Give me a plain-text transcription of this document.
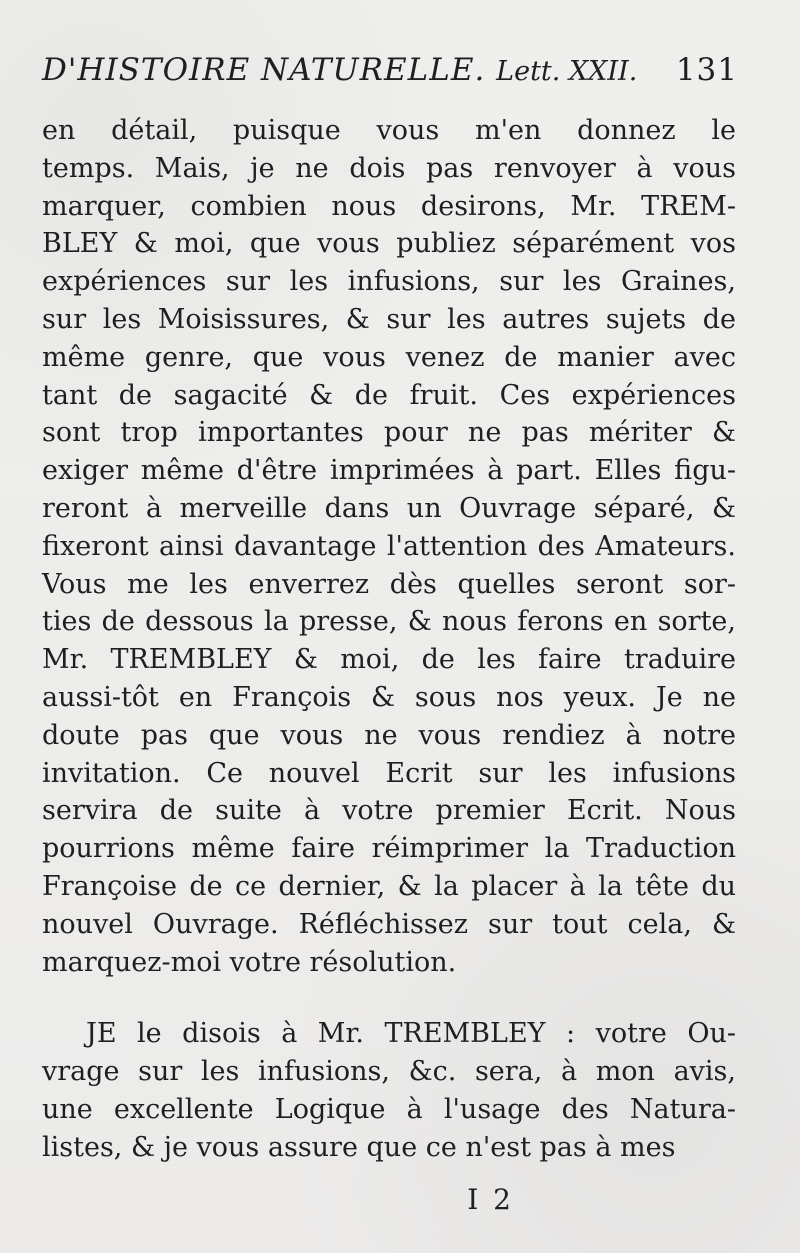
D'HISTOIRE NATURELLE. Lett. XXII. 131

en détail, puisque vous m'en donnez le
temps. Mais, je ne dois pas renvoyer à vous
marquer, combien nous desirons, Mr. TREM-
BLEY & moi, que vous publiez séparément vos
expériences sur les infusions, sur les Graines,
sur les Moisissures, & sur les autres sujets de
même genre, que vous venez de manier avec
tant de sagacité & de fruit. Ces expériences
sont trop importantes pour ne pas mériter &
exiger même d'être imprimées à part. Elles figu-
reront à merveille dans un Ouvrage séparé, &
fixeront ainsi davantage l'attention des Amateurs.
Vous me les enverrez dès quelles seront sor-
ties de dessous la presse, & nous ferons en sorte,
Mr. TREMBLEY & moi, de les faire traduire
aussi-tôt en François & sous nos yeux. Je ne
doute pas que vous ne vous rendiez à notre
invitation. Ce nouvel Ecrit sur les infusions
servira de suite à votre premier Ecrit. Nous
pourrions même faire réimprimer la Traduction
Françoise de ce dernier, & la placer à la tête du
nouvel Ouvrage. Réfléchissez sur tout cela, &
marquez-moi votre résolution.

JE le disois à Mr. TREMBLEY : votre Ou-
vrage sur les infusions, &c. sera, à mon avis,
une excellente Logique à l'usage des Natura-
listes, & je vous assure que ce n'est pas à mes

I 2
